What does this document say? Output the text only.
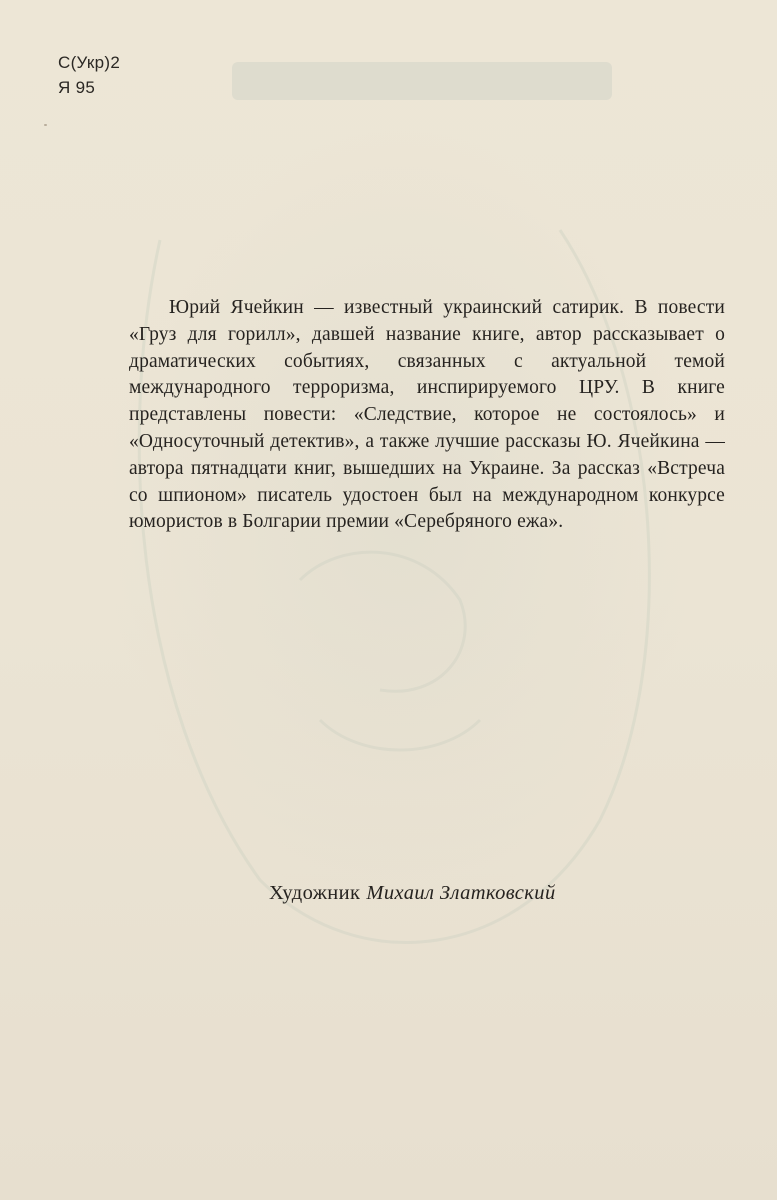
С(Укр)2
Я 95

Юрий Ячейкин — известный украинский сатирик. В повести «Груз для горилл», давшей название книге, автор рассказывает о драматических событиях, связанных с актуальной темой международного терроризма, инспирируемого ЦРУ. В книге представлены повести: «Следствие, которое не состоялось» и «Односуточный детектив», а также лучшие рассказы Ю. Ячейкина — автора пятнадцати книг, вышедших на Украине. За рассказ «Встреча со шпионом» писатель удостоен был на международном конкурсе юмористов в Болгарии премии «Серебряного ежа».

Художник Михаил Златковский
